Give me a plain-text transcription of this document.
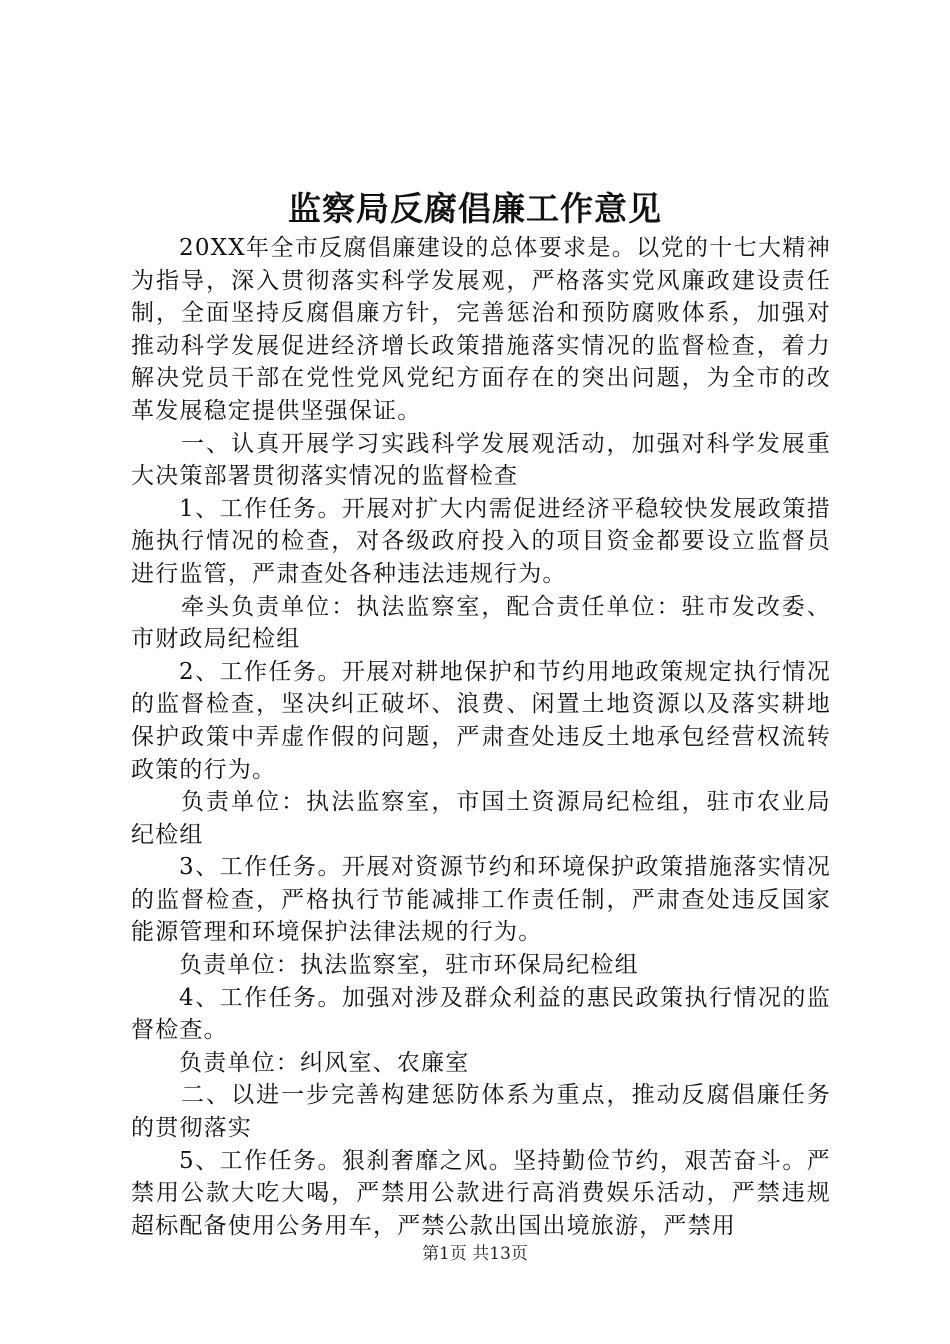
监察局反腐倡廉工作意见

20XX年全市反腐倡廉建设的总体要求是。以党的十七大精神为指导，深入贯彻落实科学发展观，严格落实党风廉政建设责任制，全面坚持反腐倡廉方针，完善惩治和预防腐败体系，加强对推动科学发展促进经济增长政策措施落实情况的监督检查，着力解决党员干部在党性党风党纪方面存在的突出问题，为全市的改革发展稳定提供坚强保证。

一、认真开展学习实践科学发展观活动，加强对科学发展重大决策部署贯彻落实情况的监督检查

1、工作任务。开展对扩大内需促进经济平稳较快发展政策措施执行情况的检查，对各级政府投入的项目资金都要设立监督员进行监管，严肃查处各种违法违规行为。

牵头负责单位：执法监察室，配合责任单位：驻市发改委、市财政局纪检组

2、工作任务。开展对耕地保护和节约用地政策规定执行情况的监督检查，坚决纠正破坏、浪费、闲置土地资源以及落实耕地保护政策中弄虚作假的问题，严肃查处违反土地承包经营权流转政策的行为。

负责单位：执法监察室，市国土资源局纪检组，驻市农业局纪检组

3、工作任务。开展对资源节约和环境保护政策措施落实情况的监督检查，严格执行节能减排工作责任制，严肃查处违反国家能源管理和环境保护法律法规的行为。

负责单位：执法监察室，驻市环保局纪检组

4、工作任务。加强对涉及群众利益的惠民政策执行情况的监督检查。

负责单位：纠风室、农廉室

二、以进一步完善构建惩防体系为重点，推动反腐倡廉任务的贯彻落实

5、工作任务。狠刹奢靡之风。坚持勤俭节约，艰苦奋斗。严禁用公款大吃大喝，严禁用公款进行高消费娱乐活动，严禁违规超标配备使用公务用车，严禁公款出国出境旅游，严禁用

第1页 共13页
